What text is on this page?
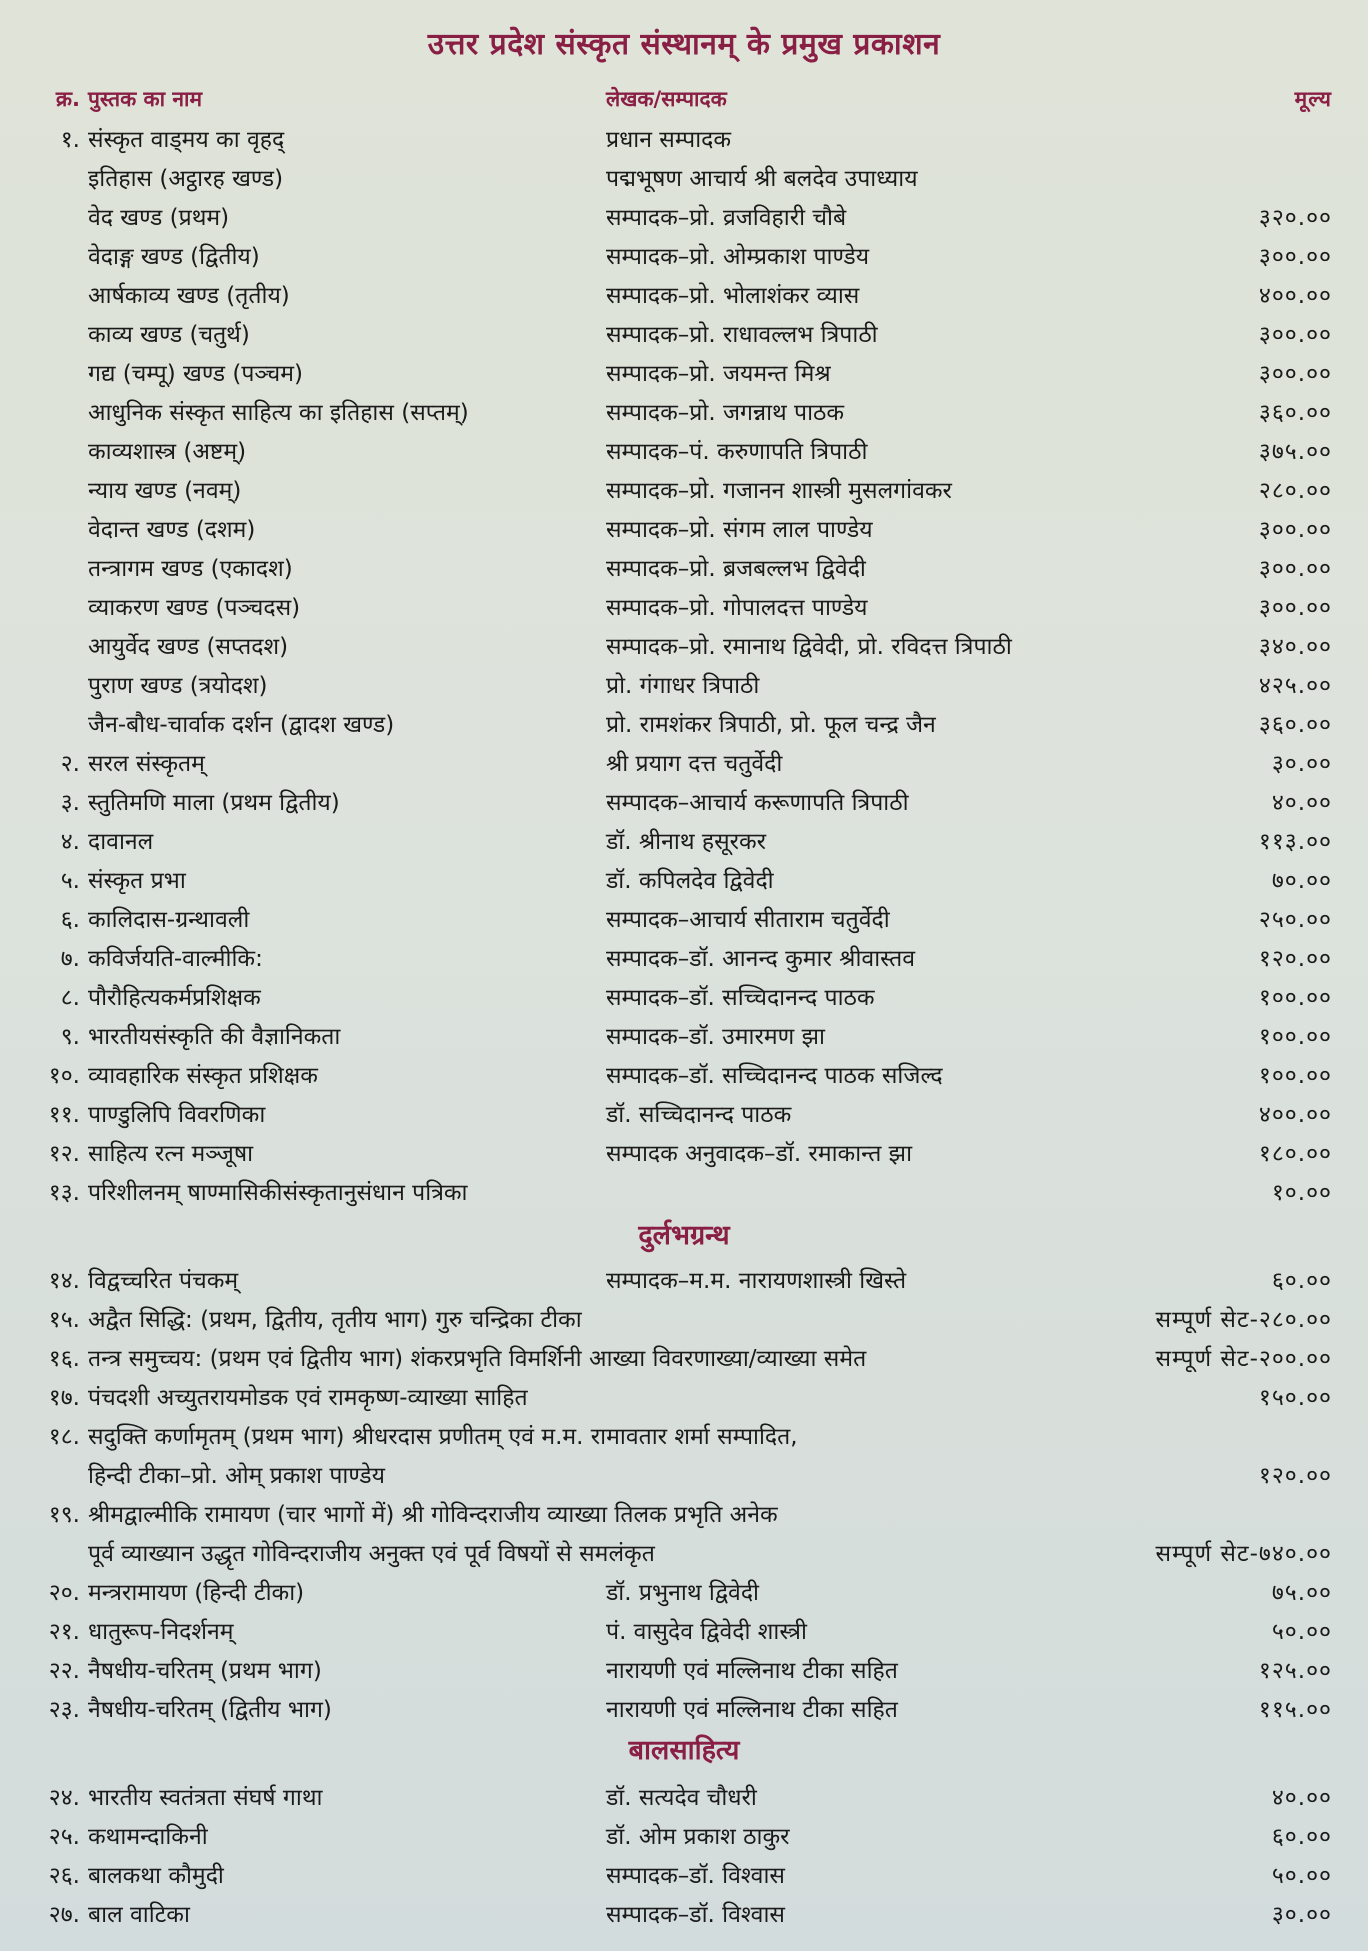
उत्तर प्रदेश संस्कृत संस्थानम् के प्रमुख प्रकाशन
क्र. पुस्तक का नाम	लेखक/सम्पादक	मूल्य
१. संस्कृत वाड्मय का वृहद्	प्रधान सम्पादक
इतिहास (अट्ठारह खण्ड)	पद्मभूषण आचार्य श्री बलदेव उपाध्याय
वेद खण्ड (प्रथम)	सम्पादक–प्रो. व्रजविहारी चौबे	३२०.००
वेदाङ्ग खण्ड (द्वितीय)	सम्पादक–प्रो. ओम्प्रकाश पाण्डेय	३००.००
आर्षकाव्य खण्ड (तृतीय)	सम्पादक–प्रो. भोलाशंकर व्यास	४००.००
काव्य खण्ड (चतुर्थ)	सम्पादक–प्रो. राधावल्लभ त्रिपाठी	३००.००
गद्य (चम्पू) खण्ड (पञ्चम)	सम्पादक–प्रो. जयमन्त मिश्र	३००.००
आधुनिक संस्कृत साहित्य का इतिहास (सप्तम्)	सम्पादक–प्रो. जगन्नाथ पाठक	३६०.००
काव्यशास्त्र (अष्टम्)	सम्पादक–पं. करुणापति त्रिपाठी	३७५.००
न्याय खण्ड (नवम्)	सम्पादक–प्रो. गजानन शास्त्री मुसलगांवकर	२८०.००
वेदान्त खण्ड (दशम)	सम्पादक–प्रो. संगम लाल पाण्डेय	३००.००
तन्त्रागम खण्ड (एकादश)	सम्पादक–प्रो. ब्रजबल्लभ द्विवेदी	३००.००
व्याकरण खण्ड (पञ्चदस)	सम्पादक–प्रो. गोपालदत्त पाण्डेय	३००.००
आयुर्वेद खण्ड (सप्तदश)	सम्पादक–प्रो. रमानाथ द्विवेदी, प्रो. रविदत्त त्रिपाठी	३४०.००
पुराण खण्ड (त्रयोदश)	प्रो. गंगाधर त्रिपाठी	४२५.००
जैन-बौध-चार्वाक दर्शन (द्वादश खण्ड)	प्रो. रामशंकर त्रिपाठी, प्रो. फूल चन्द्र जैन	३६०.००
२. सरल संस्कृतम्	श्री प्रयाग दत्त चतुर्वेदी	३०.००
३. स्तुतिमणि माला (प्रथम द्वितीय)	सम्पादक–आचार्य करूणापति त्रिपाठी	४०.००
४. दावानल	डॉ. श्रीनाथ हसूरकर	११३.००
५. संस्कृत प्रभा	डॉ. कपिलदेव द्विवेदी	७०.००
६. कालिदास-ग्रन्थावली	सम्पादक–आचार्य सीताराम चतुर्वेदी	२५०.००
७. कविर्जयति-वाल्मीकि:	सम्पादक–डॉ. आनन्द कुमार श्रीवास्तव	१२०.००
८. पौरौहित्यकर्मप्रशिक्षक	सम्पादक–डॉ. सच्चिदानन्द पाठक	१००.००
९. भारतीयसंस्कृति की वैज्ञानिकता	सम्पादक–डॉ. उमारमण झा	१००.००
१०. व्यावहारिक संस्कृत प्रशिक्षक	सम्पादक–डॉ. सच्चिदानन्द पाठक सजिल्द	१००.००
११. पाण्डुलिपि विवरणिका	डॉ. सच्चिदानन्द पाठक	४००.००
१२. साहित्य रत्न मञ्जूषा	सम्पादक अनुवादक–डॉ. रमाकान्त झा	१८०.००
१३. परिशीलनम् षाण्मासिकीसंस्कृतानुसंधान पत्रिका	१०.००
दुर्लभग्रन्थ
१४. विद्वच्चरित पंचकम्	सम्पादक–म.म. नारायणशास्त्री खिस्ते	६०.००
१५. अद्वैत सिद्धि: (प्रथम, द्वितीय, तृतीय भाग) गुरु चन्द्रिका टीका	सम्पूर्ण सेट-२८०.००
१६. तन्त्र समुच्चय: (प्रथम एवं द्वितीय भाग) शंकरप्रभृति विमर्शिनी आख्या विवरणाख्या/व्याख्या समेत	सम्पूर्ण सेट-२००.००
१७. पंचदशी अच्युतरायमोडक एवं रामकृष्ण-व्याख्या साहित	१५०.००
१८. सदुक्ति कर्णामृतम् (प्रथम भाग) श्रीधरदास प्रणीतम् एवं म.म. रामावतार शर्मा सम्पादित,
हिन्दी टीका–प्रो. ओम् प्रकाश पाण्डेय	१२०.००
१९. श्रीमद्वाल्मीकि रामायण (चार भागों में) श्री गोविन्दराजीय व्याख्या तिलक प्रभृति अनेक
पूर्व व्याख्यान उद्धृत गोविन्दराजीय अनुक्त एवं पूर्व विषयों से समलंकृत	सम्पूर्ण सेट-७४०.००
२०. मन्त्ररामायण (हिन्दी टीका)	डॉ. प्रभुनाथ द्विवेदी	७५.००
२१. धातुरूप-निदर्शनम्	पं. वासुदेव द्विवेदी शास्त्री	५०.००
२२. नैषधीय-चरितम् (प्रथम भाग)	नारायणी एवं मल्लिनाथ टीका सहित	१२५.००
२३. नैषधीय-चरितम् (द्वितीय भाग)	नारायणी एवं मल्लिनाथ टीका सहित	११५.००
बालसाहित्य
२४. भारतीय स्वतंत्रता संघर्ष गाथा	डॉ. सत्यदेव चौधरी	४०.००
२५. कथामन्दाकिनी	डॉ. ओम प्रकाश ठाकुर	६०.००
२६. बालकथा कौमुदी	सम्पादक–डॉ. विश्वास	५०.००
२७. बाल वाटिका	सम्पादक–डॉ. विश्वास	३०.००
